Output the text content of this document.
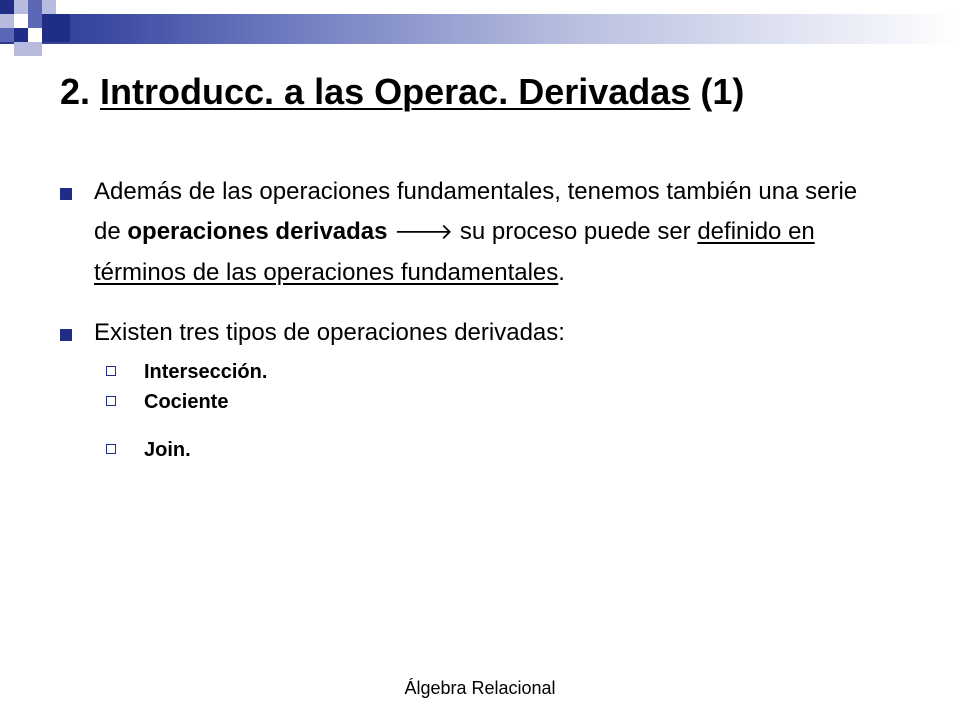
2. Introducc. a las Operac. Derivadas (1)
Además de las operaciones fundamentales, tenemos también una serie de operaciones derivadas 🡒 su proceso puede ser definido en términos de las operaciones fundamentales.
Existen tres tipos de operaciones derivadas:
Intersección.
Cociente
Join.
Álgebra Relacional
